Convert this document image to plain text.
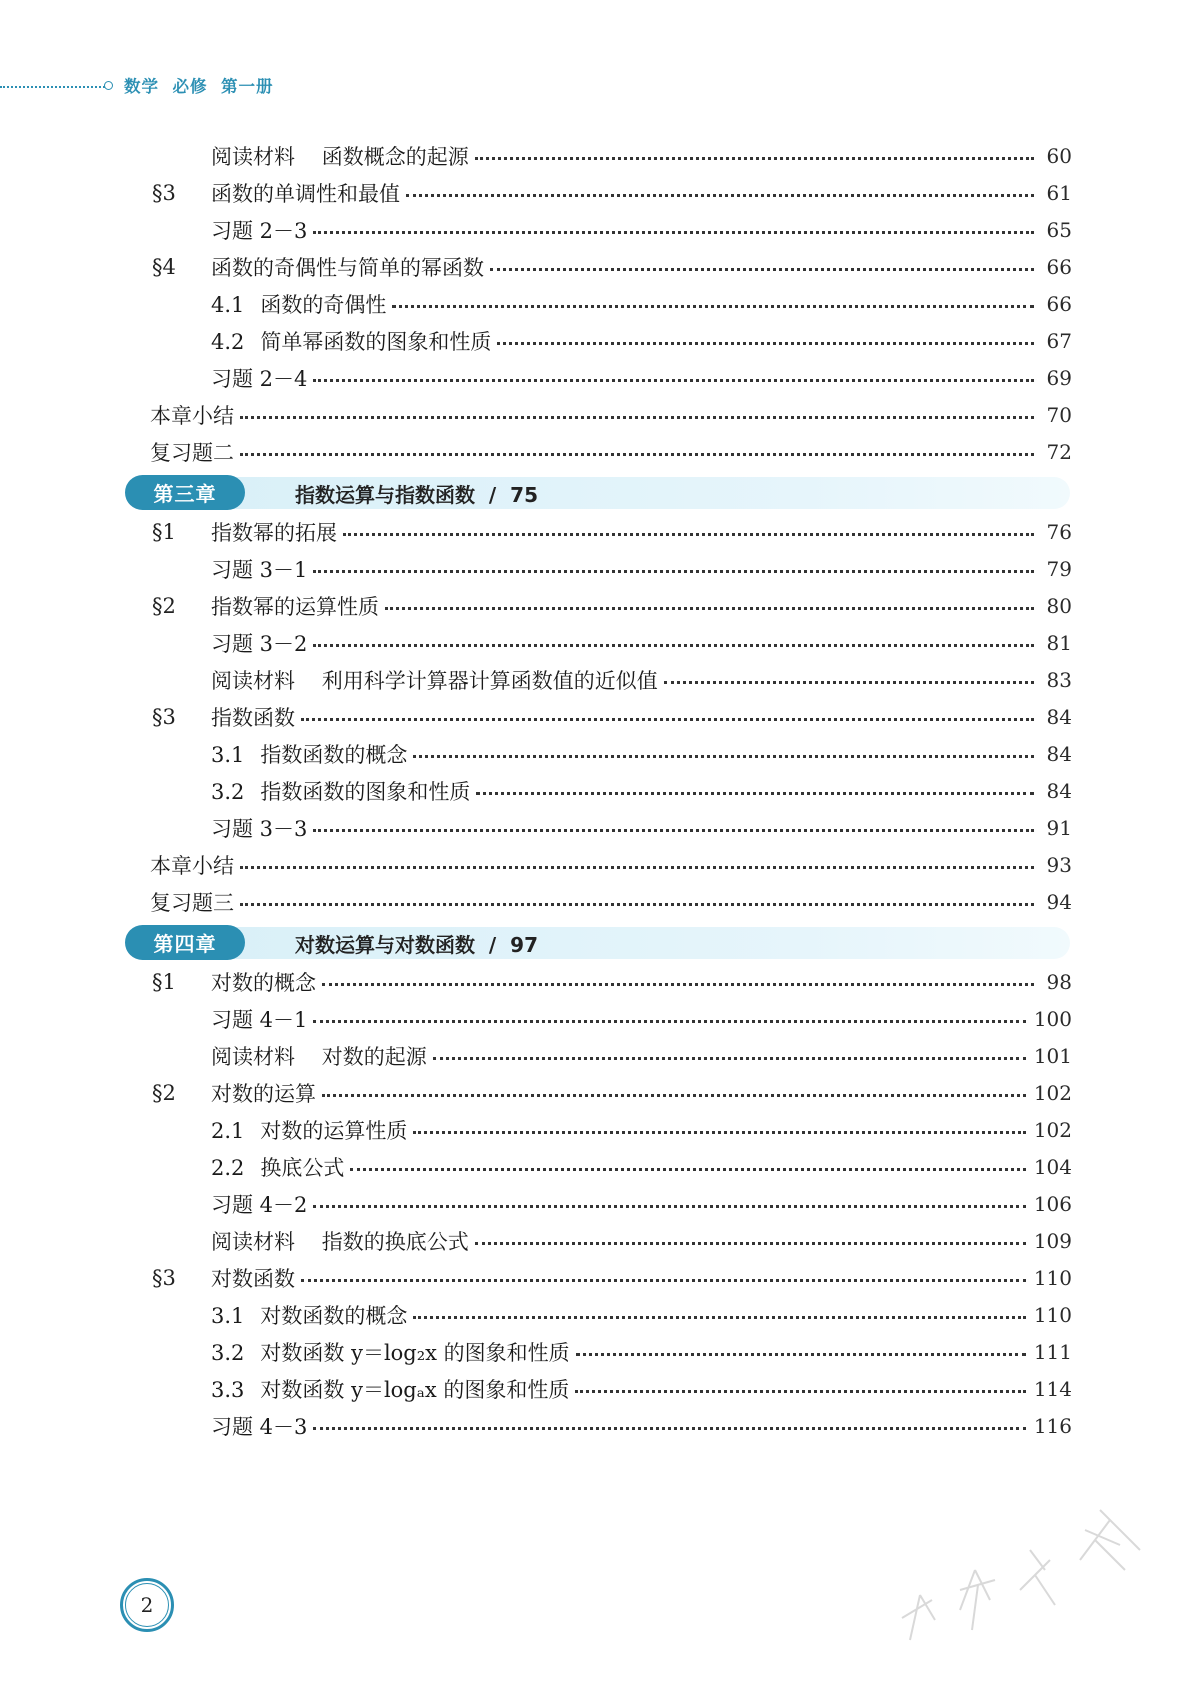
数学  必修  第一册
阅读材料    函数概念的起源	60
§3	函数的单调性和最值	61
习题 2－3	65
§4	函数的奇偶性与简单的幂函数	66
4.1 函数的奇偶性	66
4.2 简单幂函数的图象和性质	67
习题 2－4	69
本章小结	70
复习题二	72
§1	指数幂的拓展	76
习题 3－1	79
§2	指数幂的运算性质	80
习题 3－2	81
阅读材料    利用科学计算器计算函数值的近似值	83
§3	指数函数	84
3.1 指数函数的概念	84
3.2 指数函数的图象和性质	84
习题 3－3	91
本章小结	93
复习题三	94
§1	对数的概念	98
习题 4－1	100
阅读材料    对数的起源	101
§2	对数的运算	102
2.1 对数的运算性质	102
2.2 换底公式	104
习题 4－2	106
阅读材料    指数的换底公式	109
§3	对数函数	110
3.1 对数函数的概念	110
3.2 对数函数 y＝log₂x 的图象和性质	111
3.3 对数函数 y＝logₐx 的图象和性质	114
习题 4－3	116
第三章	指数运算与指数函数  /  75
第四章	对数运算与对数函数  /  97
2
